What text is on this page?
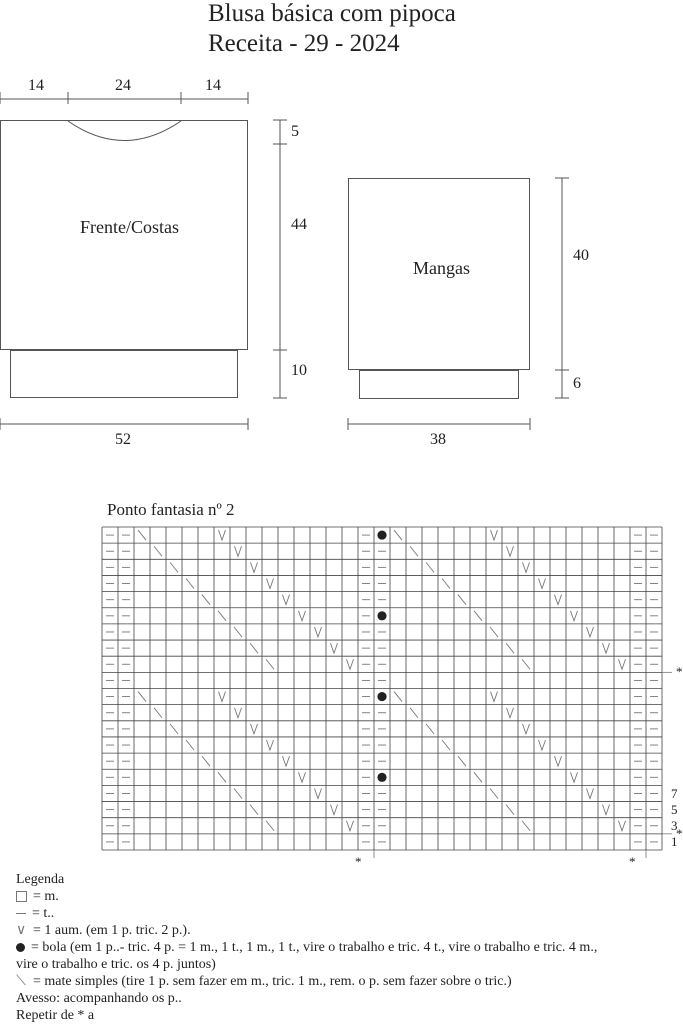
Blusa básica com pipoca
Receita - 29 - 2024
14	24	14
5
44
10
52
Frente/Costas
Mangas
40
6
38
Ponto fantasia nº 2
7
5
3
1
*
*
*	*
Legenda
= m.
= t..
∨ = 1 aum. (em 1 p. tric. 2 p.).
= bola (em 1 p..- tric. 4 p. = 1 m., 1 t., 1 m., 1 t., vire o trabalho e tric. 4 t., vire o trabalho e tric. 4 m.,
vire o trabalho e tric. os 4 p. juntos)
⟍ = mate simples (tire 1 p. sem fazer em m., tric. 1 m., rem. o p. sem fazer sobre o tric.)
Avesso: acompanhando os p..
Repetir de * a
